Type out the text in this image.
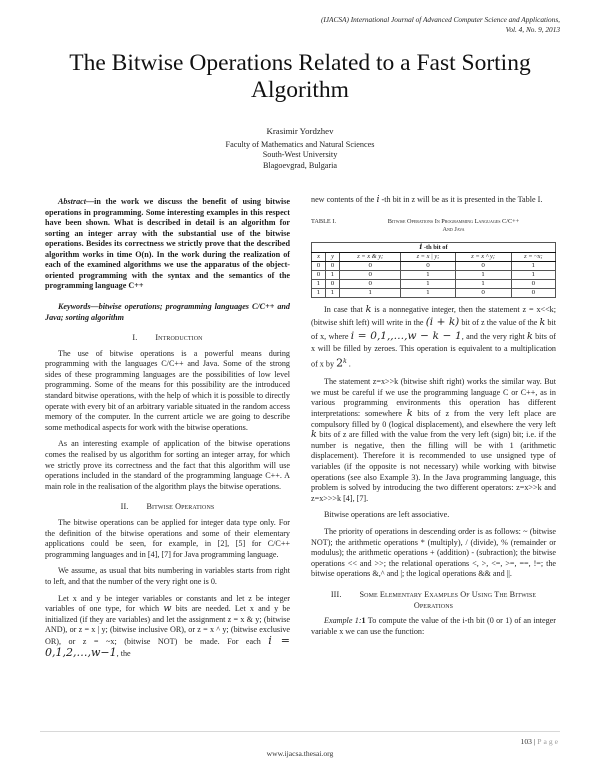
(IJACSA) International Journal of Advanced Computer Science and Applications,
Vol. 4, No. 9, 2013
The Bitwise Operations Related to a Fast Sorting
Algorithm
Krasimir Yordzhev
Faculty of Mathematics and Natural Sciences
South-West University
Blagoevgrad, Bulgaria

Abstract—in the work we discuss the benefit of using bitwise operations in programming. Some interesting examples in this respect have been shown. What is described in detail is an algorithm for sorting an integer array with the substantial use of the bitwise operations. Besides its correctness we strictly prove that the described algorithm works in time O(n). In the work during the realization of each of the examined algorithms we use the apparatus of the object-oriented programming with the syntax and the semantics of the programming language C++

Keywords—bitwise operations; programming languages C/C++ and Java; sorting algorithm

I. Introduction

The use of bitwise operations is a powerful means during programming with the languages C/C++ and Java. Some of the strong sides of these programming languages are the possibilities of low level programming. Some of the means for this possibility are the introduced standard bitwise operations, with the help of which it is possible to directly operate with every bit of an arbitrary variable situated in the random access memory of the computer. In the current article we are going to describe some methodical aspects for work with the bitwise operations.

As an interesting example of application of the bitwise operations comes the realised by us algorithm for sorting an integer array, for which we strictly prove its correctness and the fact that this algorithm will use operations included in the standard of the programming language C++. A main role in the realisation of the algorithm plays the bitwise operations.

II. Bitwise Operations

The bitwise operations can be applied for integer data type only. For the definition of the bitwise operations and some of their elementary applications could be seen, for example, in [2], [5] for C/C++ programming languages and in [4], [7] for Java programming language.

We assume, as usual that bits numbering in variables starts from right to left, and that the number of the very right one is 0.

Let x and y be integer variables or constants and let z be integer variables of one type, for which w bits are needed. Let x and y be initialized (if they are variables) and let the assignment z = x & y; (bitwise AND), or z = x | y; (bitwise inclusive OR), or z = x ^ y; (bitwise exclusive OR), or z = ~x; (bitwise NOT) be made. For each i = 0,1,2,…,w−1, the

new contents of the i -th bit in z will be as it is presented in the Table I.

TABLE I.	Bitwise Operations In Programming Languages C/C++
And Java
i -th bit of					
x	y	z = x & y;	z = x | y;	z = x ^ y;	z = ~x;
0	0	0	0	0	1
0	1	0	1	1	1
1	0	0	1	1	0
1	1	1	1	0	0

In case that k is a nonnegative integer, then the statement z = x<<k; (bitwise shift left) will write in the (i + k) bit of z the value of the k bit of x, where i = 0,1,,…,w − k − 1, and the very right k bits of x will be filled by zeroes. This operation is equivalent to a multiplication of x by 2$^k$ .

The statement z=x>>k (bitwise shift right) works the similar way. But we must be careful if we use the programming language C or C++, as in various programming environments this operation has different interpretations: somewhere k bits of z from the very left place are compulsory filled by 0 (logical displacement), and elsewhere the very left k bits of z are filled with the value from the very left (sign) bit; i.e. if the number is negative, then the filling will be with 1 (arithmetic displacement). Therefore it is recommended to use unsigned type of variables (if the opposite is not necessary) while working with bitwise operations (see also Example 3). In the Java programming language, this problem is solved by introducing the two different operators: z=x>>k and z=x>>>k [4], [7].

Bitwise operations are left associative.

The priority of operations in descending order is as follows: ~ (bitwise NOT); the arithmetic operations * (multiply), / (divide), % (remainder or modulus); the arithmetic operations + (addition) - (subraction); the bitwise operations << and >>; the relational operations <, >, <=, >=, ==, !=; the bitwise operations &,^ and |; the logical operations && and ||.

III. Some Elementary Examples Of Using The Bitwise
Operations

Example 1:1 To compute the value of the i-th bit (0 or 1) of an integer variable x we can use the function:

103 | Page
www.ijacsa.thesai.org
